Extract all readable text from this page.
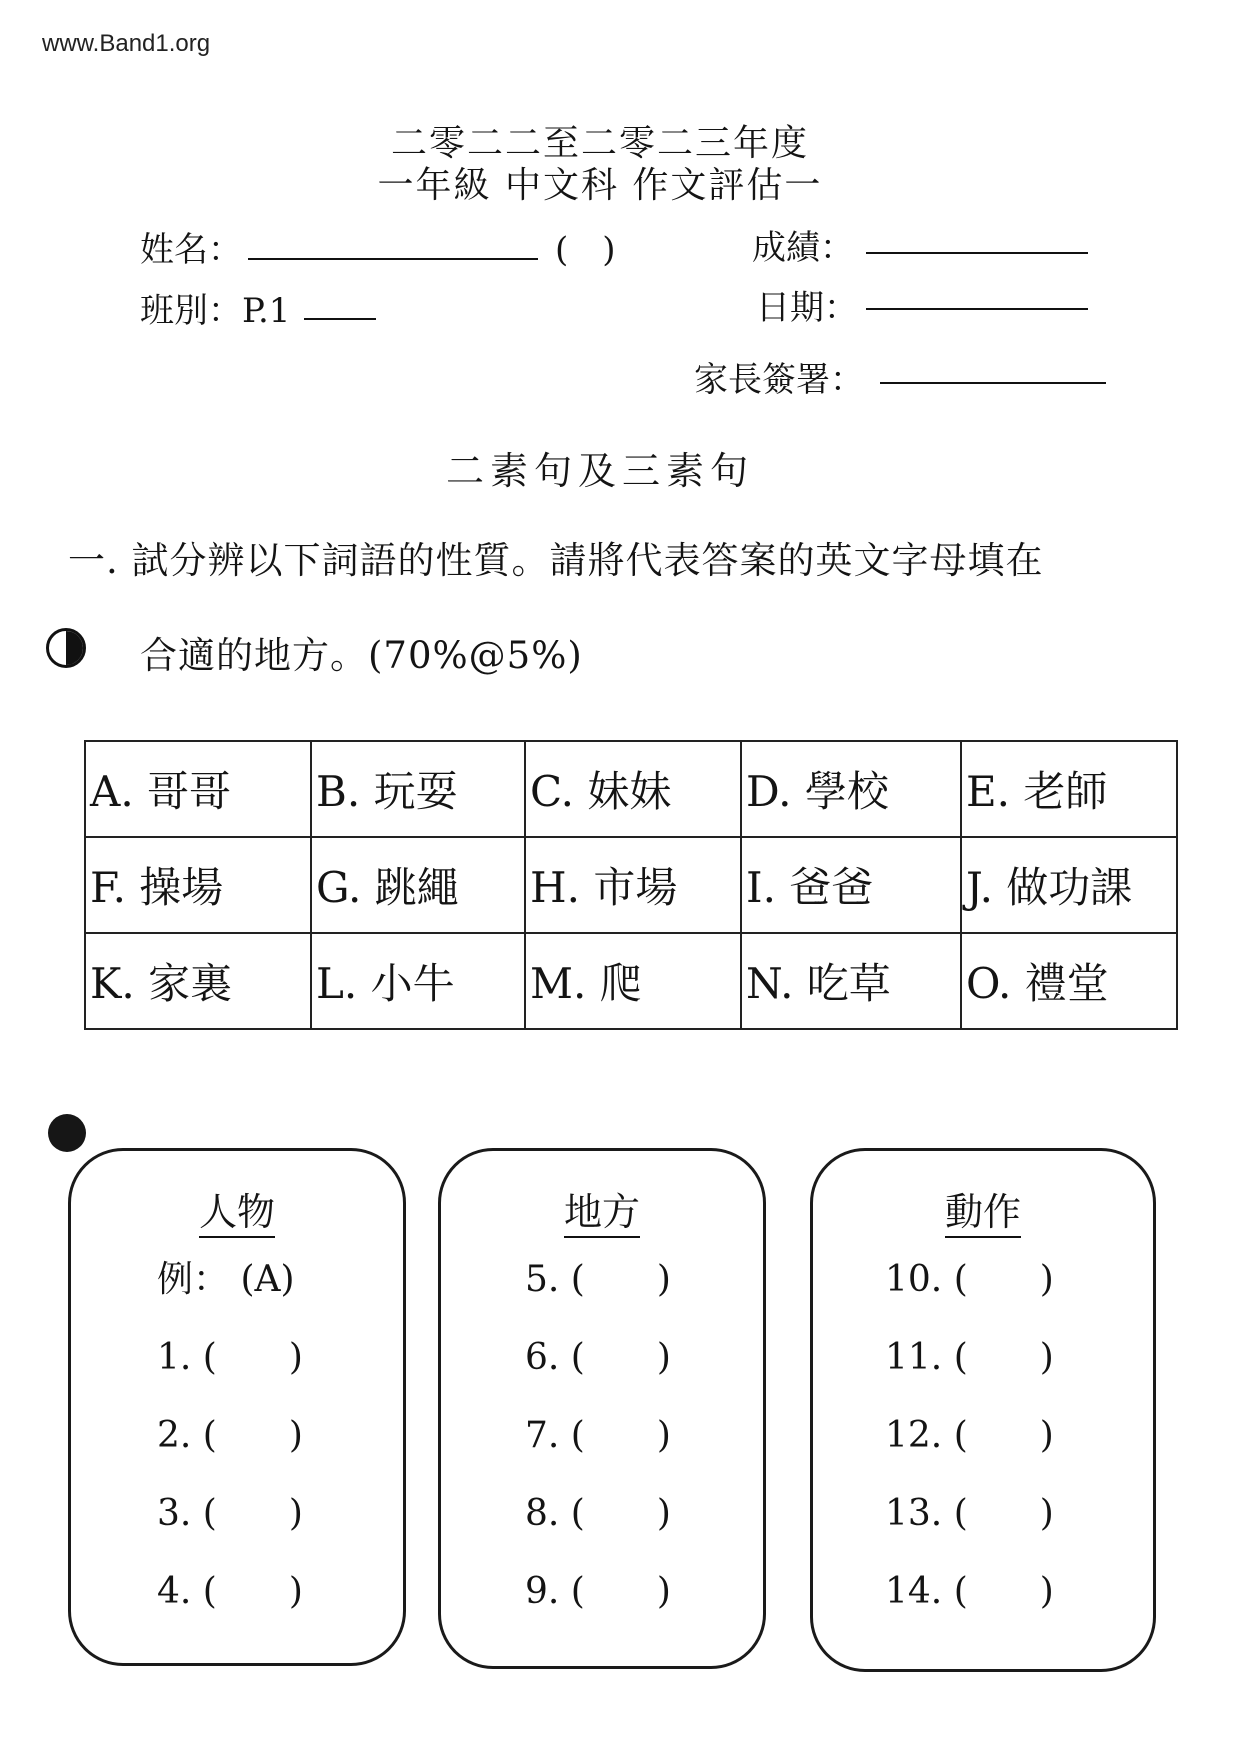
www.Band1.org
二零二二至二零二三年度
一年級 中文科 作文評估一
姓名：	(　)	成績：
班別：P.1	日期：
家長簽署：
二素句及三素句
一. 試分辨以下詞語的性質。請將代表答案的英文字母填在
合適的地方。(70%@5%)
A. 哥哥	B. 玩耍	C. 妹妹	D. 學校	E. 老師
F. 操場	G. 跳繩	H. 市場	I. 爸爸	J. 做功課
K. 家裏	L. 小牛	M. 爬	N. 吃草	O. 禮堂
人物
例： (A)
1. (　　)
2. (　　)
3. (　　)
4. (　　)
地方
5. (　　)
6. (　　)
7. (　　)
8. (　　)
9. (　　)
動作
10. (　　)
11. (　　)
12. (　　)
13. (　　)
14. (　　)
